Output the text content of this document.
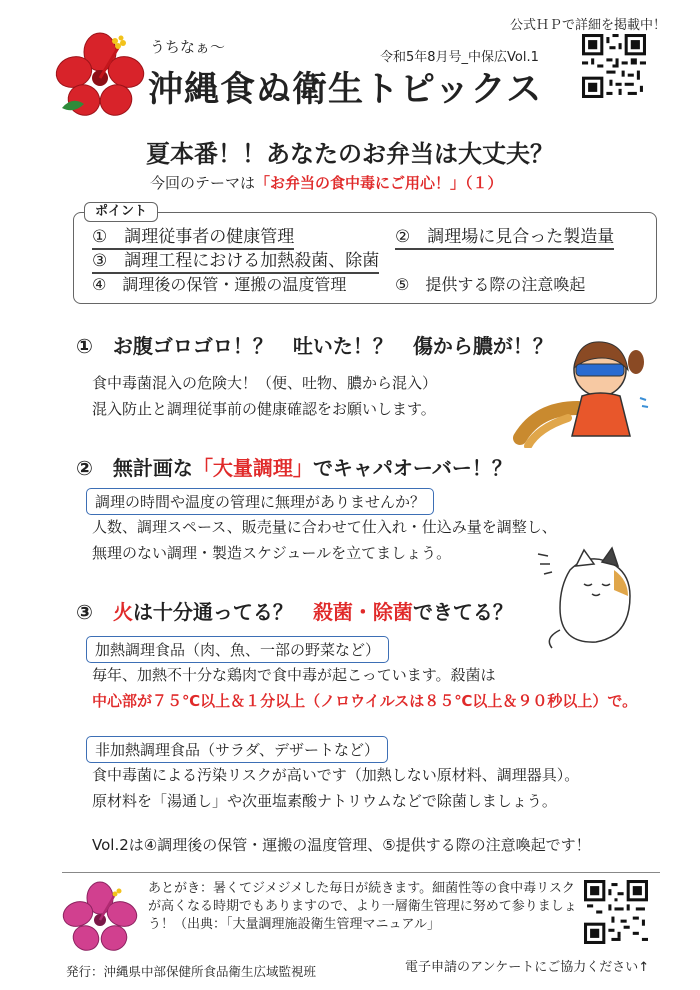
公式ＨＰで詳細を掲載中！
令和5年8月号_中保広Vol.1
うちなぁ～
沖縄食ぬ衛生トピックス
夏本番！！あなたのお弁当は大丈夫？
今回のテーマは「お弁当の食中毒にご用心！」（１）
ポイント
①　調理従事者の健康管理	②　調理場に見合った製造量
③　調理工程における加熱殺菌、除菌
④　調理後の保管・運搬の温度管理	⑤　提供する際の注意喚起
①　お腹ゴロゴロ！？　吐いた！？　傷から膿が！？
食中毒菌混入の危険大！（便、吐物、膿から混入）
混入防止と調理従事前の健康確認をお願いします。
②　無計画な「大量調理」でキャパオーバー！？
調理の時間や温度の管理に無理がありませんか？
人数、調理スペース、販売量に合わせて仕入れ・仕込み量を調整し、
無理のない調理・製造スケジュールを立てましょう。
③　火は十分通ってる？　殺菌・除菌できてる？
加熱調理食品（肉、魚、一部の野菜など）
毎年、加熱不十分な鶏肉で食中毒が起こっています。殺菌は
中心部が７５℃以上＆１分以上（ノロウイルスは８５℃以上＆９０秒以上）で。
非加熱調理食品（サラダ、デザートなど）
食中毒菌による汚染リスクが高いです（加熱しない原材料、調理器具）。
原材料を「湯通し」や次亜塩素酸ナトリウムなどで除菌しましょう。
Vol.2は④調理後の保管・運搬の温度管理、⑤提供する際の注意喚起です！
あとがき：暑くてジメジメした毎日が続きます。細菌性等の食中毒リスクが高くなる時期でもありますので、より一層衛生管理に努めて参りましょう！（出典：「大量調理施設衛生管理マニュアル」
発行：沖縄県中部保健所食品衛生広域監視班	電子申請のアンケートにご協力ください↑
